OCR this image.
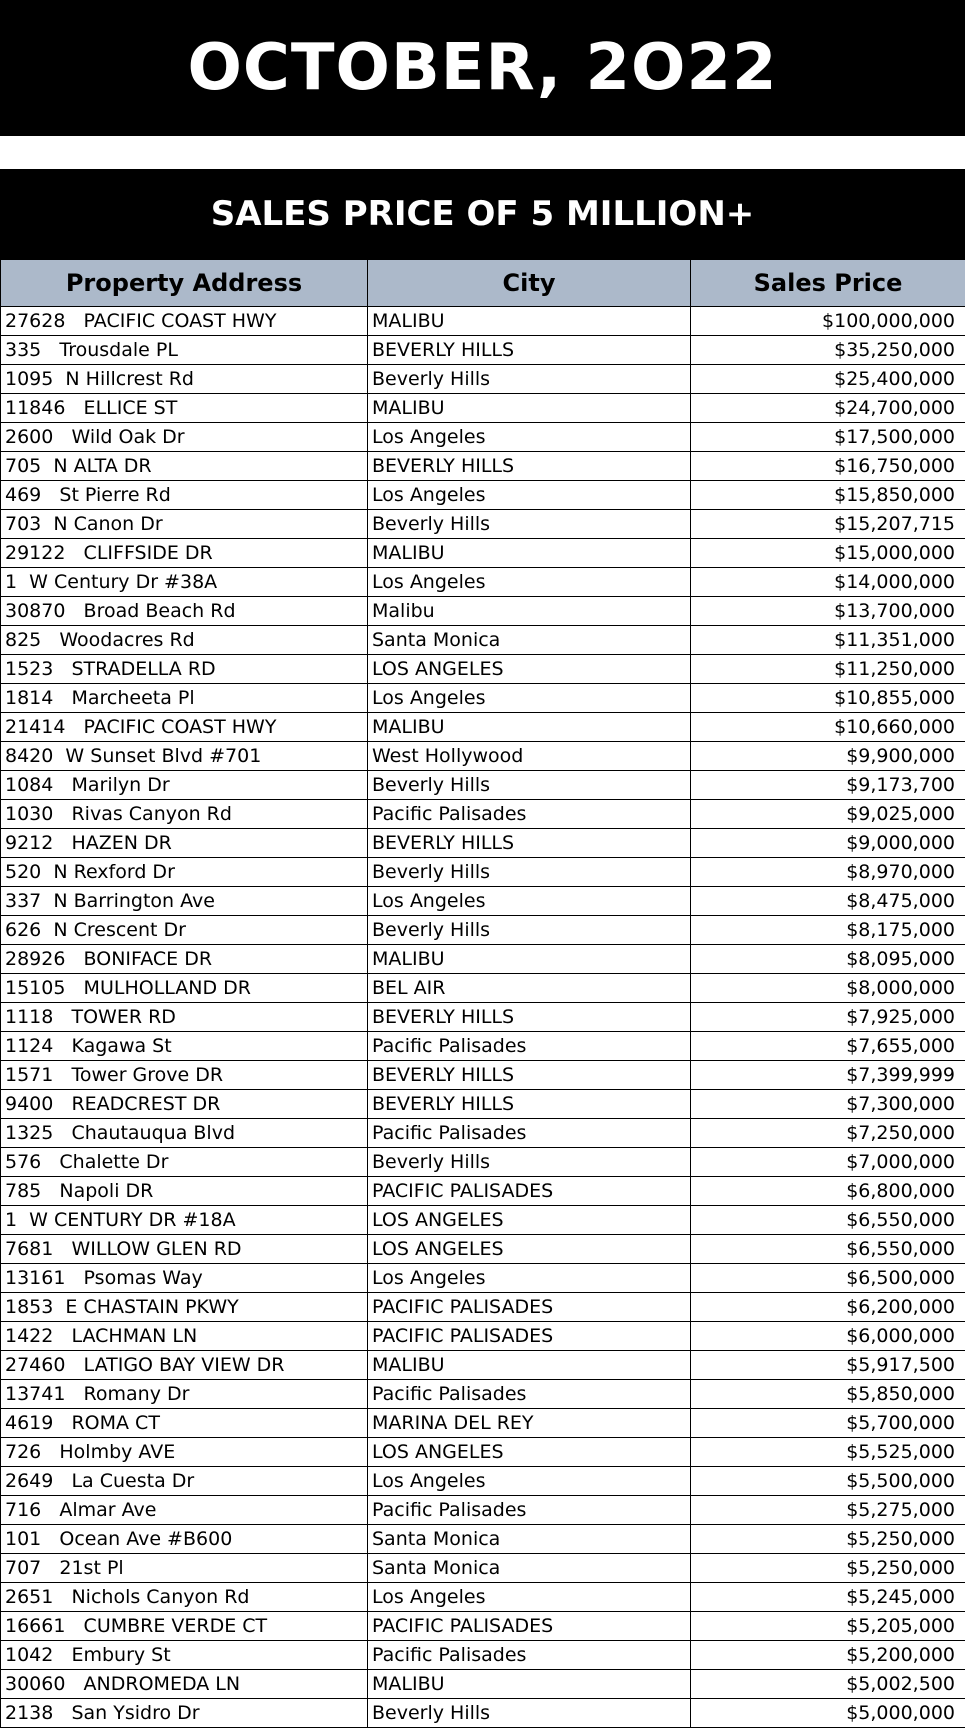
OCTOBER, 2O22
SALES PRICE OF 5 MILLION+
Property Address	City	Sales Price
27628   PACIFIC COAST HWY	MALIBU	$100,000,000
335   Trousdale PL	BEVERLY HILLS	$35,250,000
1095  N Hillcrest Rd	Beverly Hills	$25,400,000
11846   ELLICE ST	MALIBU	$24,700,000
2600   Wild Oak Dr	Los Angeles	$17,500,000
705  N ALTA DR	BEVERLY HILLS	$16,750,000
469   St Pierre Rd	Los Angeles	$15,850,000
703  N Canon Dr	Beverly Hills	$15,207,715
29122   CLIFFSIDE DR	MALIBU	$15,000,000
1  W Century Dr #38A	Los Angeles	$14,000,000
30870   Broad Beach Rd	Malibu	$13,700,000
825   Woodacres Rd	Santa Monica	$11,351,000
1523   STRADELLA RD	LOS ANGELES	$11,250,000
1814   Marcheeta Pl	Los Angeles	$10,855,000
21414   PACIFIC COAST HWY	MALIBU	$10,660,000
8420  W Sunset Blvd #701	West Hollywood	$9,900,000
1084   Marilyn Dr	Beverly Hills	$9,173,700
1030   Rivas Canyon Rd	Pacific Palisades	$9,025,000
9212   HAZEN DR	BEVERLY HILLS	$9,000,000
520  N Rexford Dr	Beverly Hills	$8,970,000
337  N Barrington Ave	Los Angeles	$8,475,000
626  N Crescent Dr	Beverly Hills	$8,175,000
28926   BONIFACE DR	MALIBU	$8,095,000
15105   MULHOLLAND DR	BEL AIR	$8,000,000
1118   TOWER RD	BEVERLY HILLS	$7,925,000
1124   Kagawa St	Pacific Palisades	$7,655,000
1571   Tower Grove DR	BEVERLY HILLS	$7,399,999
9400   READCREST DR	BEVERLY HILLS	$7,300,000
1325   Chautauqua Blvd	Pacific Palisades	$7,250,000
576   Chalette Dr	Beverly Hills	$7,000,000
785   Napoli DR	PACIFIC PALISADES	$6,800,000
1  W CENTURY DR #18A	LOS ANGELES	$6,550,000
7681   WILLOW GLEN RD	LOS ANGELES	$6,550,000
13161   Psomas Way	Los Angeles	$6,500,000
1853  E CHASTAIN PKWY	PACIFIC PALISADES	$6,200,000
1422   LACHMAN LN	PACIFIC PALISADES	$6,000,000
27460   LATIGO BAY VIEW DR	MALIBU	$5,917,500
13741   Romany Dr	Pacific Palisades	$5,850,000
4619   ROMA CT	MARINA DEL REY	$5,700,000
726   Holmby AVE	LOS ANGELES	$5,525,000
2649   La Cuesta Dr	Los Angeles	$5,500,000
716   Almar Ave	Pacific Palisades	$5,275,000
101   Ocean Ave #B600	Santa Monica	$5,250,000
707   21st Pl	Santa Monica	$5,250,000
2651   Nichols Canyon Rd	Los Angeles	$5,245,000
16661   CUMBRE VERDE CT	PACIFIC PALISADES	$5,205,000
1042   Embury St	Pacific Palisades	$5,200,000
30060   ANDROMEDA LN	MALIBU	$5,002,500
2138   San Ysidro Dr	Beverly Hills	$5,000,000
